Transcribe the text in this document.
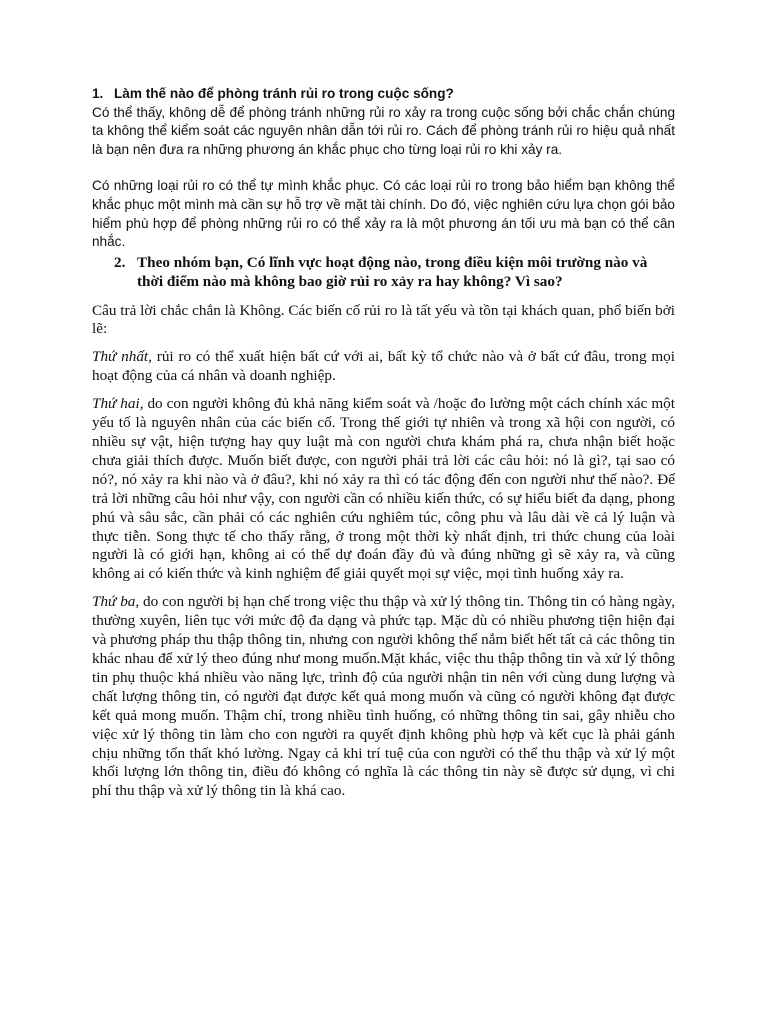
1. Làm thế nào để phòng tránh rủi ro trong cuộc sống?

Có thể thấy, không dễ để phòng tránh những rủi ro xảy ra trong cuộc sống bởi chắc chắn chúng ta không thể kiểm soát các nguyên nhân dẫn tới rủi ro. Cách để phòng tránh rủi ro hiệu quả nhất là bạn nên đưa ra những phương án khắc phục cho từng loại rủi ro khi xảy ra.

Có những loại rủi ro có thể tự mình khắc phục. Có các loại rủi ro trong bảo hiểm bạn không thể khắc phục một mình mà cần sự hỗ trợ về mặt tài chính. Do đó, việc nghiên cứu lựa chọn gói bảo hiểm phù hợp để phòng những rủi ro có thể xảy ra là một phương án tối ưu mà bạn có thể cân nhắc.

2. Theo nhóm bạn, Có lĩnh vực hoạt động nào, trong điều kiện môi trường nào và thời điểm nào mà không bao giờ rủi ro xảy ra hay không? Vì sao?

Câu trả lời chắc chắn là Không. Các biến cố rủi ro là tất yếu và tồn tại khách quan, phổ biến bởi lẽ:

Thứ nhất, rủi ro có thể xuất hiện bất cứ với ai, bất kỳ tổ chức nào và ở bất cứ đâu, trong mọi hoạt động của cá nhân và doanh nghiệp.

Thứ hai, do con người không đủ khả năng kiểm soát và /hoặc đo lường một cách chính xác một yếu tố là nguyên nhân của các biến cố. Trong thế giới tự nhiên và trong xã hội con người, có nhiều sự vật, hiện tượng hay quy luật mà con người chưa khám phá ra, chưa nhận biết hoặc chưa giải thích được. Muốn biết được, con người phải trả lời các câu hỏi: nó là gì?, tại sao có nó?, nó xảy ra khi nào và ở đâu?, khi nó xảy ra thì có tác động đến con người như thế nào?. Để trả lời những câu hỏi như vậy, con người cần có nhiều kiến thức, có sự hiểu biết đa dạng, phong phú và sâu sắc, cần phải có các nghiên cứu nghiêm túc, công phu và lâu dài về cả lý luận và thực tiễn. Song thực tế cho thấy rằng, ở trong một thời kỳ nhất định, tri thức chung của loài người là có giới hạn, không ai có thể dự đoán đầy đủ và đúng những gì sẽ xảy ra, và cũng không ai có kiến thức và kinh nghiệm để giải quyết mọi sự việc, mọi tình huống xảy ra.

Thứ ba, do con người bị hạn chế trong việc thu thập và xử lý thông tin. Thông tin có hàng ngày, thường xuyên, liên tục với mức độ đa dạng và phức tạp. Mặc dù có nhiều phương tiện hiện đại và phương pháp thu thập thông tin, nhưng con người không thể nắm biết hết tất cả các thông tin khác nhau để xử lý theo đúng như mong muốn.Mặt khác, việc thu thập thông tin và xử lý thông tin phụ thuộc khá nhiều vào năng lực, trình độ của người nhận tin nên với cùng dung lượng và chất lượng thông tin, có người đạt được kết quả mong muốn và cũng có người không đạt được kết quả mong muốn. Thậm chí, trong nhiều tình huống, có những thông tin sai, gây nhiễu cho việc xử lý thông tin làm cho con người ra quyết định không phù hợp và kết cục là phải gánh chịu những tổn thất khó lường. Ngay cả khi trí tuệ của con người có thể thu thập và xử lý một khối lượng lớn thông tin, điều đó không có nghĩa là các thông tin này sẽ được sử dụng, vì chi phí thu thập và xử lý thông tin là khá cao.
